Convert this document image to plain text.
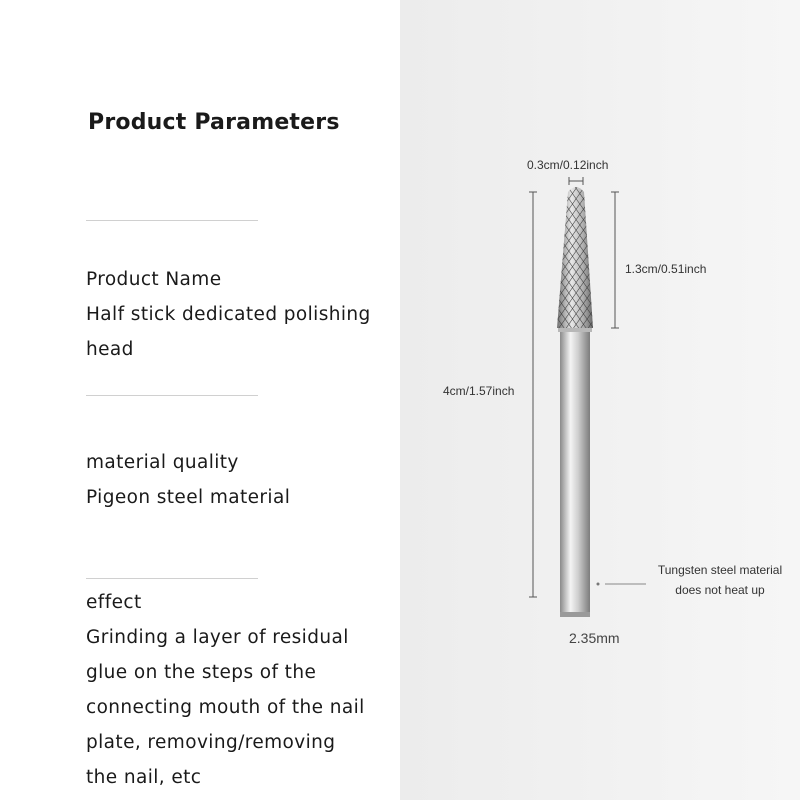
Product Parameters
Product Name
Half stick dedicated polishing
head
material quality
Pigeon steel material
effect
Grinding a layer of residual
glue on the steps of the
connecting mouth of the nail
plate, removing/removing
the nail, etc
0.3cm/0.12inch
1.3cm/0.51inch
4cm/1.57inch
2.35mm
Tungsten steel material
does not heat up
